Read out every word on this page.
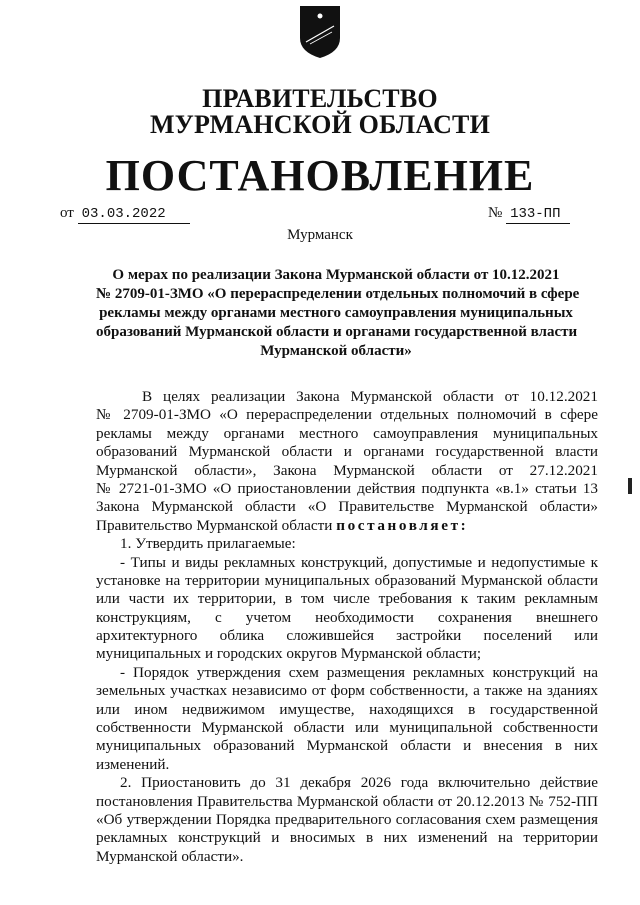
ПРАВИТЕЛЬСТВО
МУРМАНСКОЙ ОБЛАСТИ
ПОСТАНОВЛЕНИЕ
от 03.03.2022	№ 133-ПП
Мурманск
О мерах по реализации Закона Мурманской области от 10.12.2021
№ 2709-01-ЗМО «О перераспределении отдельных полномочий в сфере
рекламы между органами местного самоуправления муниципальных
образований Мурманской области и органами государственной власти
Мурманской области»
В целях реализации Закона Мурманской области от 10.12.2021
№ 2709-01-ЗМО «О перераспределении отдельных полномочий в сфере
рекламы между органами местного самоуправления муниципальных
образований Мурманской области и органами государственной власти
Мурманской области», Закона Мурманской области от 27.12.2021
№ 2721-01-ЗМО «О приостановлении действия подпункта «в.1» статьи 13
Закона Мурманской области «О Правительстве Мурманской области»
Правительство Мурманской области постановляет:
1. Утвердить прилагаемые:
- Типы и виды рекламных конструкций, допустимые и недопустимые к
установке на территории муниципальных образований Мурманской области
или части их территории, в том числе требования к таким рекламным
конструкциям, с учетом необходимости сохранения внешнего
архитектурного облика сложившейся застройки поселений или
муниципальных и городских округов Мурманской области;
- Порядок утверждения схем размещения рекламных конструкций на
земельных участках независимо от форм собственности, а также на зданиях
или ином недвижимом имуществе, находящихся в государственной
собственности Мурманской области или муниципальной собственности
муниципальных образований Мурманской области и внесения в них
изменений.
2. Приостановить до 31 декабря 2026 года включительно действие
постановления Правительства Мурманской области от 20.12.2013 № 752-ПП
«Об утверждении Порядка предварительного согласования схем размещения
рекламных конструкций и вносимых в них изменений на территории
Мурманской области».
